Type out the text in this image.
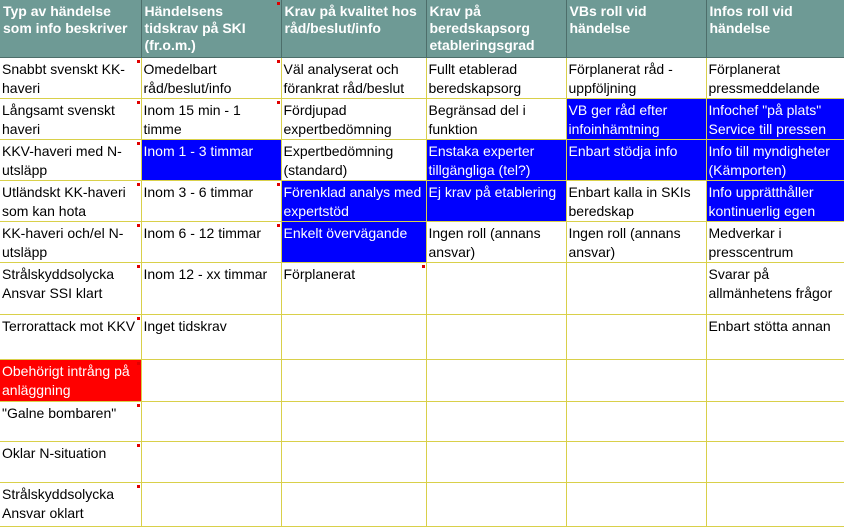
Typ av händelse som info beskriver	Händelsens tidskrav på SKI (fr.o.m.)	Krav på kvalitet hos råd/beslut/info	Krav på beredskapsorg etableringsgrad	VBs roll vid händelse	Infos roll vid händelse
Snabbt svenskt KK-haveri	Omedelbart råd/beslut/info	Väl analyserat och förankrat råd/beslut	Fullt etablerad beredskapsorg	Förplanerat råd - uppföljning	Förplanerat pressmeddelande
Långsamt svenskt haveri	Inom 15 min - 1 timme	Fördjupad expertbedömning	Begränsad del i funktion	VB ger råd efter infoinhämtning	Infochef "på plats" Service till pressen
KKV-haveri med N-utsläpp	Inom 1 - 3 timmar	Expertbedömning (standard)	Enstaka experter tillgängliga (tel?)	Enbart stödja info	Info till myndigheter (Kämporten)
Utländskt KK-haveri som kan hota	Inom 3 - 6 timmar	Förenklad analys med expertstöd	Ej krav på etablering	Enbart kalla in SKIs beredskap	Info upprätthåller kontinuerlig egen
KK-haveri och/el N-utsläpp	Inom 6 - 12 timmar	Enkelt övervägande	Ingen roll (annans ansvar)	Ingen roll (annans ansvar)	Medverkar i presscentrum
Strålskyddsolycka Ansvar SSI klart	Inom 12 - xx timmar	Förplanerat			Svarar på allmänhetens frågor
Terrorattack mot KKV	Inget tidskrav				Enbart stötta annan
Obehörigt intrång på anläggning					
"Galne bombaren"					
Oklar N-situation					
Strålskyddsolycka Ansvar oklart					
